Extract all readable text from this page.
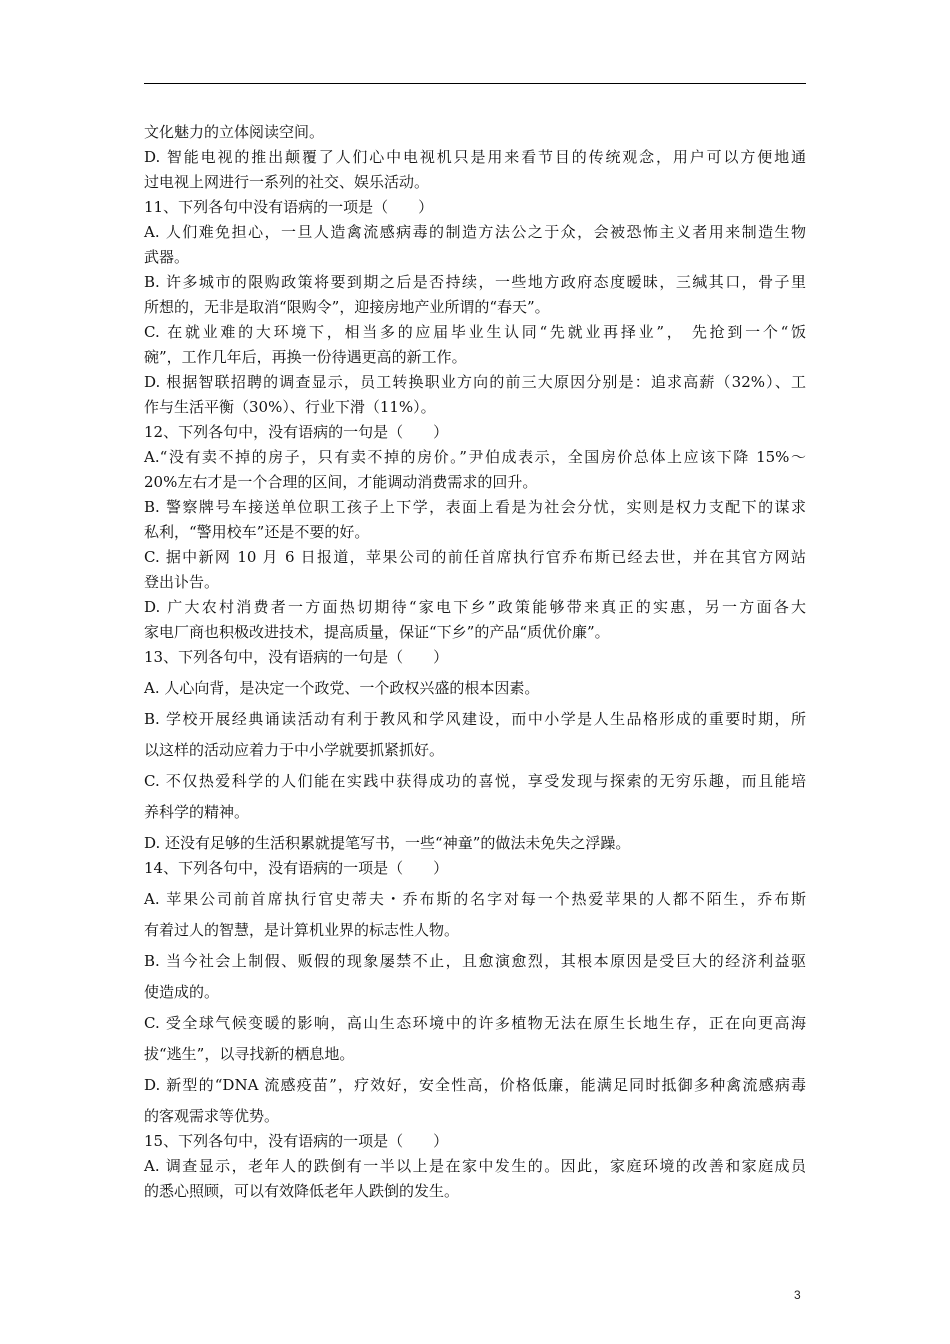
文化魅力的立体阅读空间。
D. 智能电视的推出颠覆了人们心中电视机只是用来看节目的传统观念，用户可以方便地通
过电视上网进行一系列的社交、娱乐活动。
11、下列各句中没有语病的一项是（　　）
A. 人们难免担心，一旦人造禽流感病毒的制造方法公之于众，会被恐怖主义者用来制造生物
武器。
B. 许多城市的限购政策将要到期之后是否持续，一些地方政府态度暧昧，三缄其口，骨子里
所想的，无非是取消“限购令”，迎接房地产业所谓的“春天”。
C. 在就业难的大环境下，相当多的应届毕业生认同“先就业再择业”， 先抢到一个“饭
碗”，工作几年后，再换一份待遇更高的新工作。
D. 根据智联招聘的调查显示，员工转换职业方向的前三大原因分别是：追求高薪（32%）、工
作与生活平衡（30%）、行业下滑（11%）。
12、下列各句中，没有语病的一句是（　　）
A.“没有卖不掉的房子，只有卖不掉的房价。”尹伯成表示，全国房价总体上应该下降 15%～
20%左右才是一个合理的区间，才能调动消费需求的回升。
B. 警察牌号车接送单位职工孩子上下学，表面上看是为社会分忧，实则是权力支配下的谋求
私利，“警用校车”还是不要的好。
C. 据中新网 10 月 6 日报道，苹果公司的前任首席执行官乔布斯已经去世，并在其官方网站
登出讣告。
D. 广大农村消费者一方面热切期待“家电下乡”政策能够带来真正的实惠，另一方面各大
家电厂商也积极改进技术，提高质量，保证“下乡”的产品“质优价廉”。
13、下列各句中，没有语病的一句是（　　）
A. 人心向背，是决定一个政党、一个政权兴盛的根本因素。
B. 学校开展经典诵读活动有利于教风和学风建设，而中小学是人生品格形成的重要时期，所
以这样的活动应着力于中小学就要抓紧抓好。
C. 不仅热爱科学的人们能在实践中获得成功的喜悦，享受发现与探索的无穷乐趣，而且能培
养科学的精神。
D. 还没有足够的生活积累就提笔写书，一些“神童”的做法未免失之浮躁。
14、下列各句中，没有语病的一项是（　　）
A. 苹果公司前首席执行官史蒂夫・乔布斯的名字对每一个热爱苹果的人都不陌生，乔布斯
有着过人的智慧，是计算机业界的标志性人物。
B. 当今社会上制假、贩假的现象屡禁不止，且愈演愈烈，其根本原因是受巨大的经济利益驱
使造成的。
C. 受全球气候变暖的影响，高山生态环境中的许多植物无法在原生长地生存，正在向更高海
拔“逃生”，以寻找新的栖息地。
D. 新型的“DNA 流感疫苗”，疗效好，安全性高，价格低廉，能满足同时抵御多种禽流感病毒
的客观需求等优势。
15、下列各句中，没有语病的一项是（　　）
A. 调查显示，老年人的跌倒有一半以上是在家中发生的。因此，家庭环境的改善和家庭成员
的悉心照顾，可以有效降低老年人跌倒的发生。
3
